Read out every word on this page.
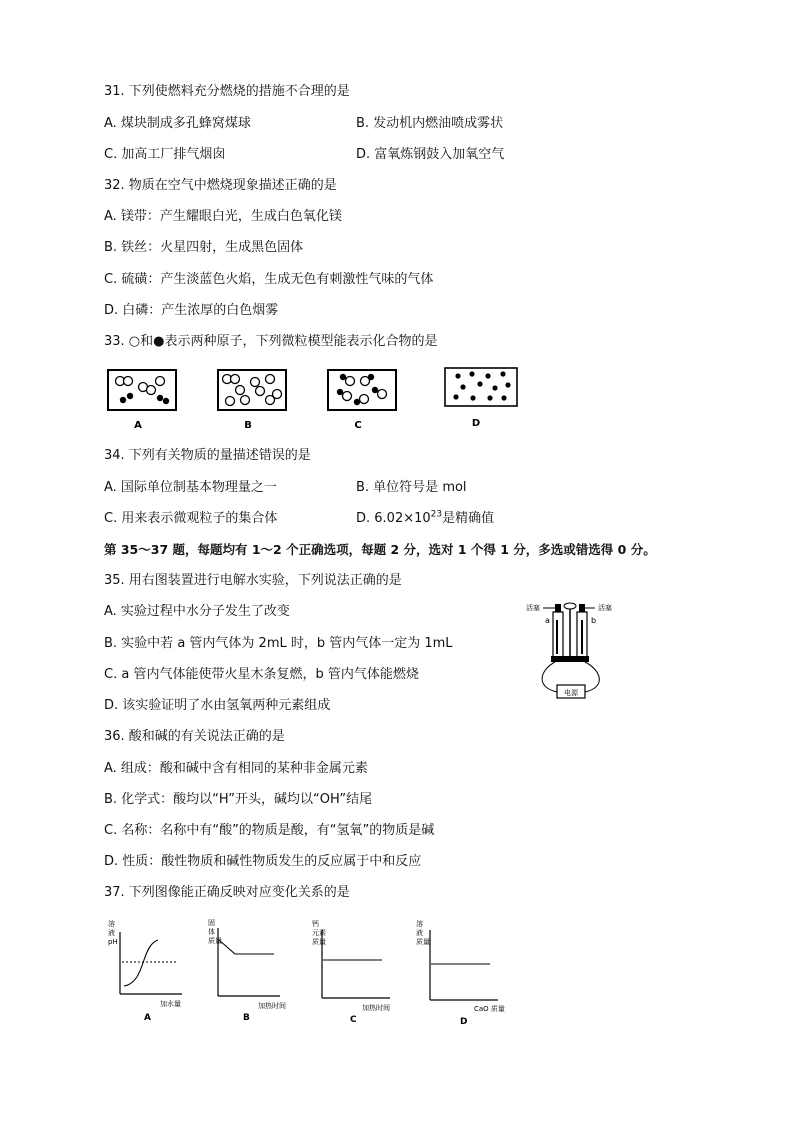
31. 下列使燃料充分燃烧的措施不合理的是
A. 煤块制成多孔蜂窝煤球	B. 发动机内燃油喷成雾状
C. 加高工厂排气烟囱	D. 富氧炼钢鼓入加氧空气
32. 物质在空气中燃烧现象描述正确的是
A. 镁带：产生耀眼白光，生成白色氧化镁
B. 铁丝：火星四射，生成黑色固体
C. 硫磺：产生淡蓝色火焰，生成无色有刺激性气味的气体
D. 白磷：产生浓厚的白色烟雾
33. ○和●表示两种原子，下列微粒模型能表示化合物的是
A	B	C	D
34. 下列有关物质的量描述错误的是
A. 国际单位制基本物理量之一	B. 单位符号是 mol
C. 用来表示微观粒子的集合体	D. $6.02\times 10^{23}$是精确值
第 35～37 题，每题均有 1～2 个正确选项，每题 2 分，选对 1 个得 1 分，多选或错选得 0 分。
35. 用右图装置进行电解水实验，下列说法正确的是
A. 实验过程中水分子发生了改变
B. 实验中若 a 管内气体为 2mL 时，b 管内气体一定为 1mL
C. a 管内气体能使带火星木条复燃，b 管内气体能燃烧
D. 该实验证明了水由氢氧两种元素组成
活塞	活塞
a	b
电源
36. 酸和碱的有关说法正确的是
A. 组成：酸和碱中含有相同的某种非金属元素
B. 化学式：酸均以“H”开头，碱均以“OH”结尾
C. 名称：名称中有“酸”的物质是酸，有“氢氧”的物质是碱
D. 性质：酸性物质和碱性物质发生的反应属于中和反应
37. 下列图像能正确反映对应变化关系的是
溶
液
pH
加水量
A
固
体
质量
加热时间
B
钙
元素
质量
加热时间
C
溶
液
质量
CaO 质量
D
